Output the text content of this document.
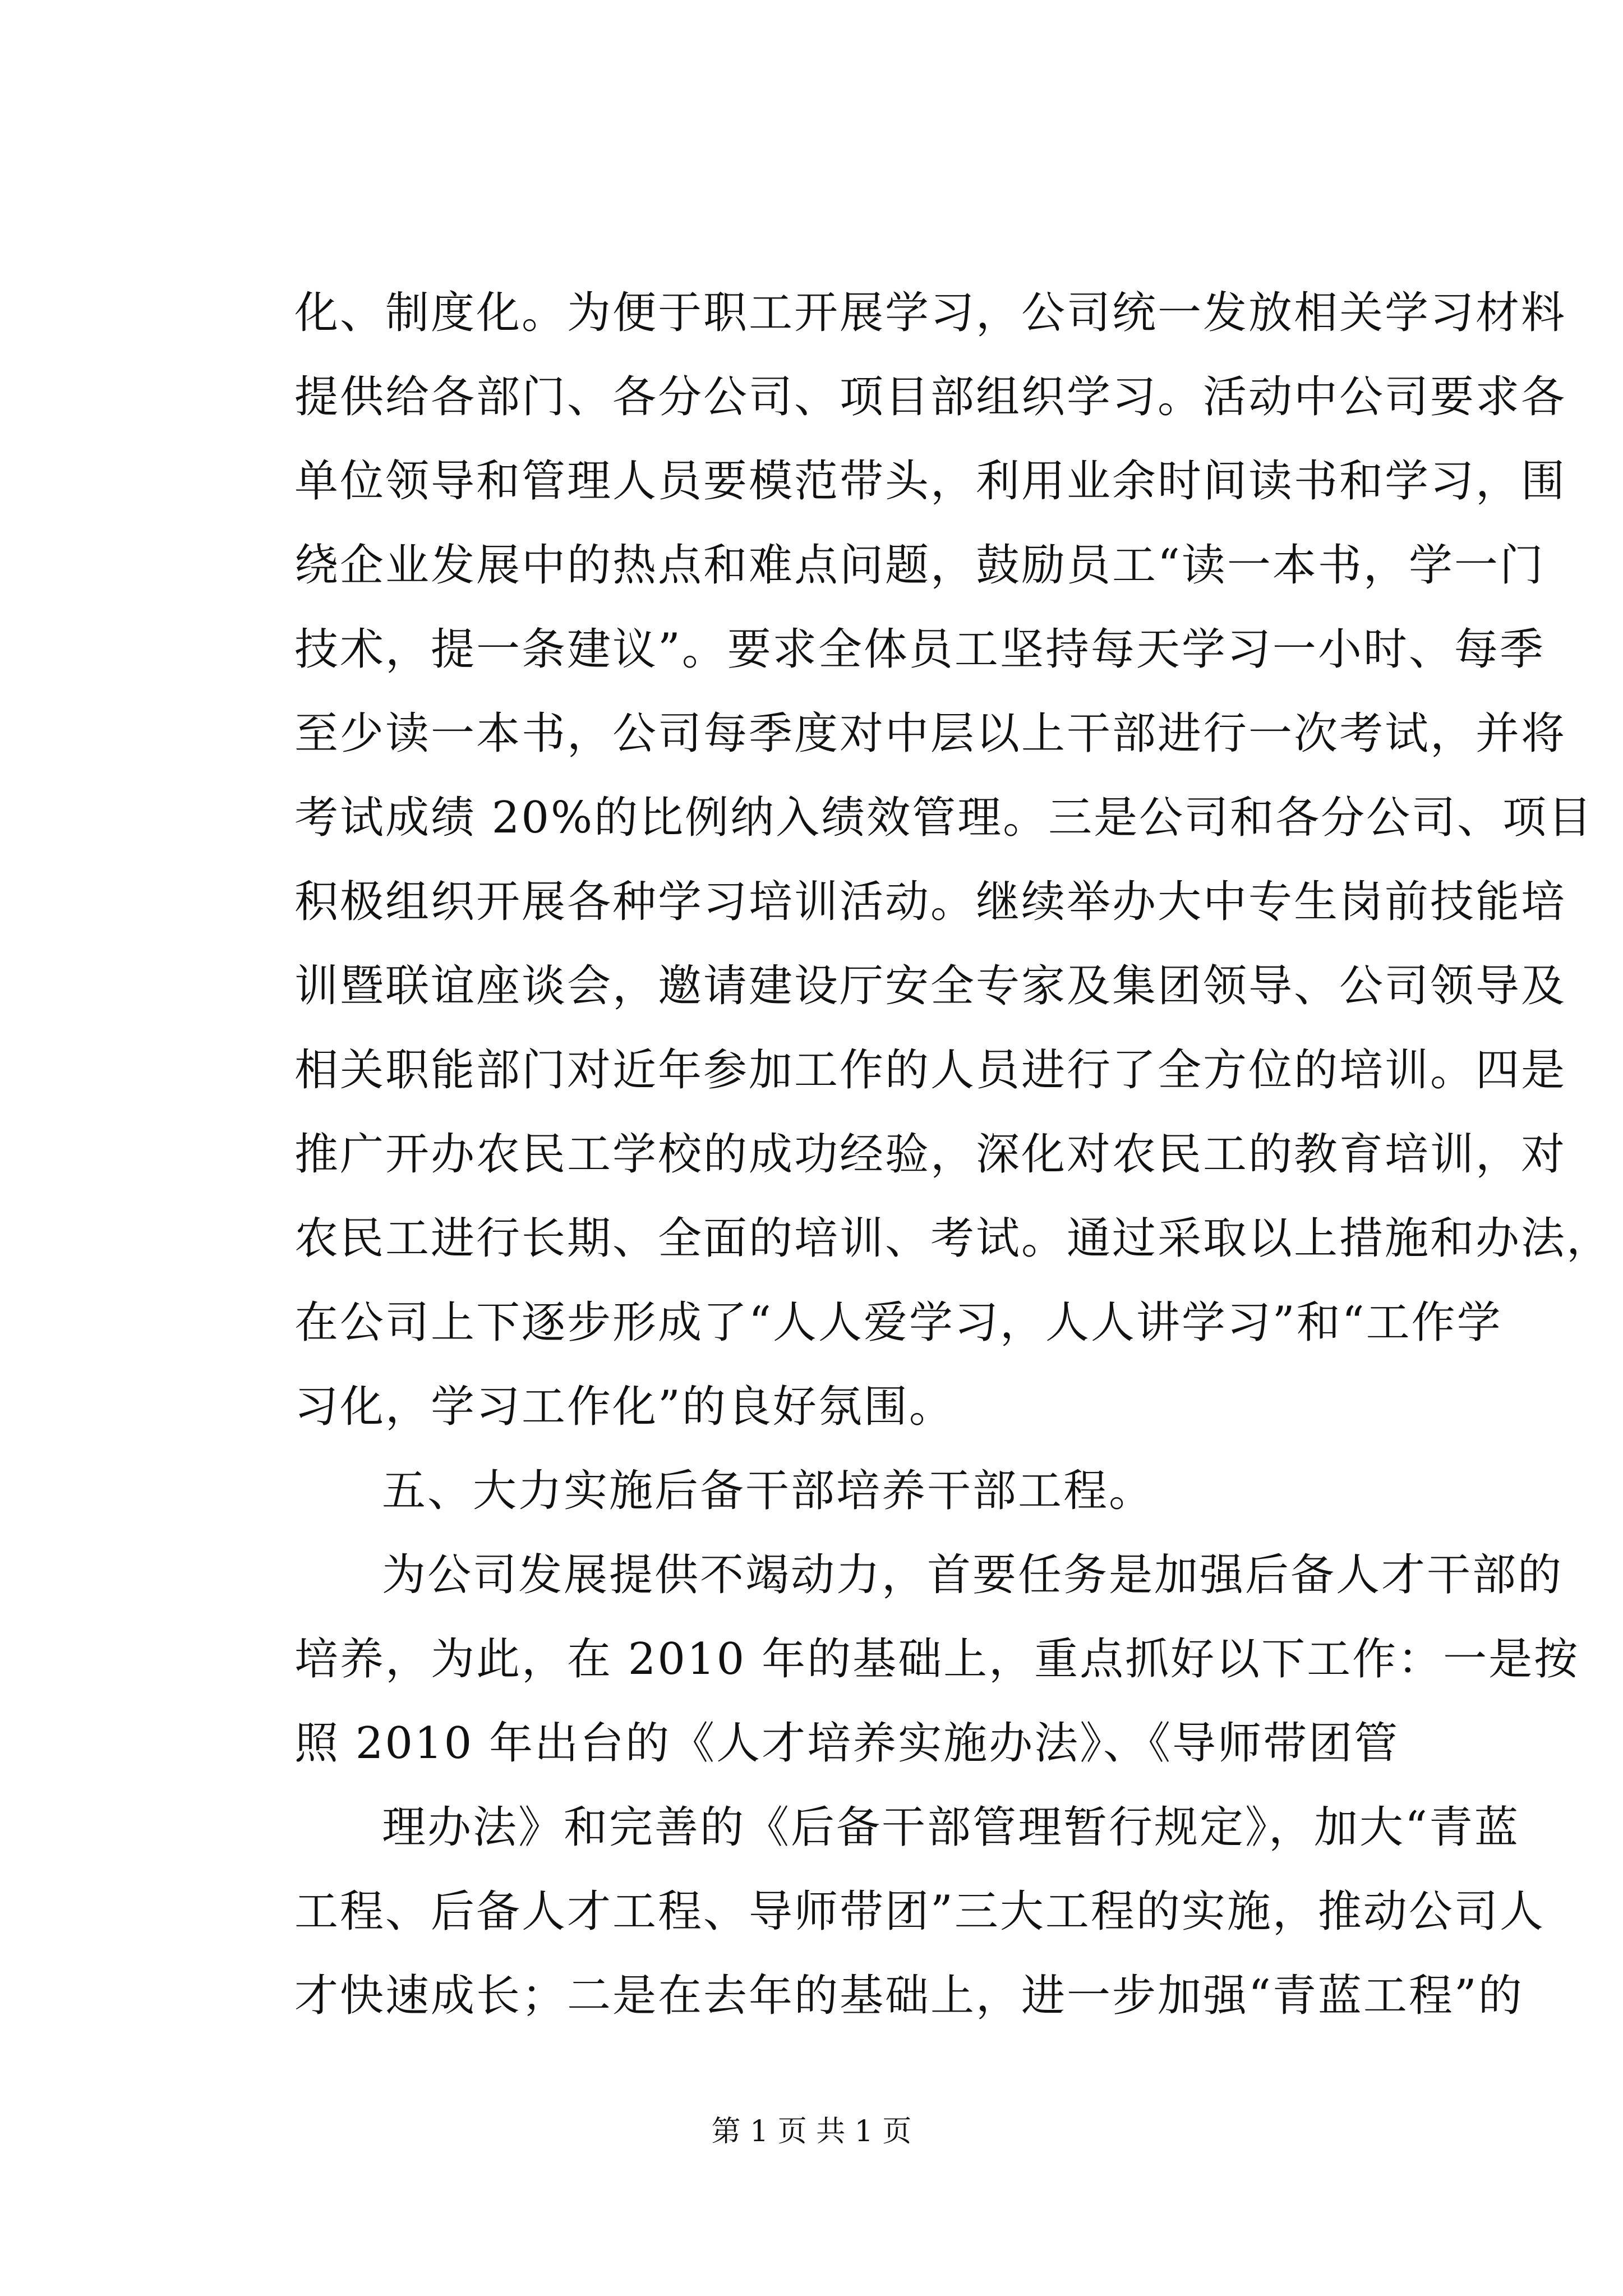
化、制度化。为便于职工开展学习，公司统一发放相关学习材料
提供给各部门、各分公司、项目部组织学习。活动中公司要求各
单位领导和管理人员要模范带头，利用业余时间读书和学习，围
绕企业发展中的热点和难点问题，鼓励员工“读一本书，学一门
技术，提一条建议”。要求全体员工坚持每天学习一小时、每季
至少读一本书，公司每季度对中层以上干部进行一次考试，并将
考试成绩 20%的比例纳入绩效管理。三是公司和各分公司、项目
积极组织开展各种学习培训活动。继续举办大中专生岗前技能培
训暨联谊座谈会，邀请建设厅安全专家及集团领导、公司领导及
相关职能部门对近年参加工作的人员进行了全方位的培训。四是
推广开办农民工学校的成功经验，深化对农民工的教育培训，对
农民工进行长期、全面的培训、考试。通过采取以上措施和办法，
在公司上下逐步形成了“人人爱学习，人人讲学习”和“工作学
习化，学习工作化”的良好氛围。
五、大力实施后备干部培养干部工程。
为公司发展提供不竭动力，首要任务是加强后备人才干部的
培养，为此，在 2010 年的基础上，重点抓好以下工作：一是按
照 2010 年出台的《人才培养实施办法》、《导师带团管
理办法》和完善的《后备干部管理暂行规定》，加大“青蓝
工程、后备人才工程、导师带团”三大工程的实施，推动公司人
才快速成长；二是在去年的基础上，进一步加强“青蓝工程”的
第 1 页 共 1 页
